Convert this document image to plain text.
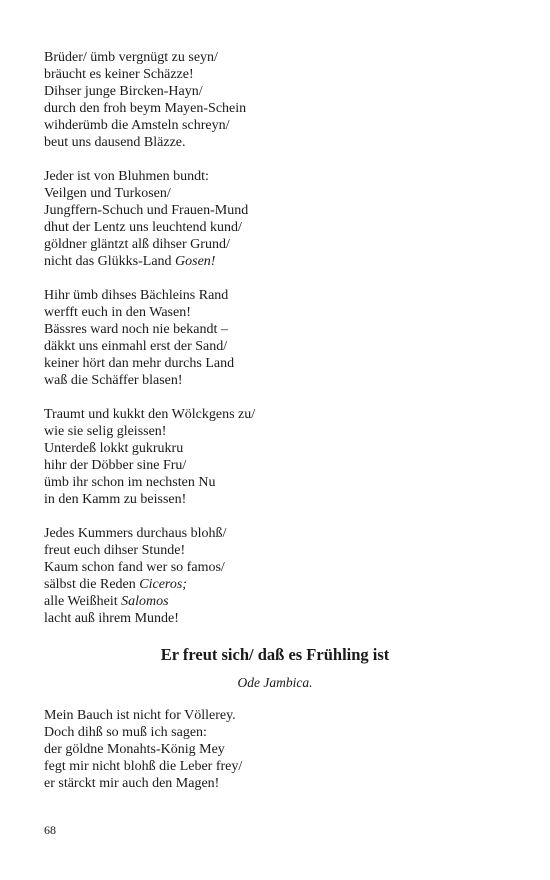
Brüder/ ümb vergnügt zu seyn/
bräucht es keiner Schäzze!
Dihser junge Bircken-Hayn/
durch den froh beym Mayen-Schein
wihderümb die Amsteln schreyn/
beut uns dausend Bläzze.
Jeder ist von Bluhmen bundt:
Veilgen und Turkosen/
Jungffern-Schuch und Frauen-Mund
dhut der Lentz uns leuchtend kund/
göldner gläntzt alß dihser Grund/
nicht das Glükks-Land Gosen!
Hihr ümb dihses Bächleins Rand
werfft euch in den Wasen!
Bässres ward noch nie bekandt –
däkkt uns einmahl erst der Sand/
keiner hört dan mehr durchs Land
waß die Schäffer blasen!
Traumt und kukkt den Wölckgens zu/
wie sie selig gleissen!
Unterdeß lokkt gukrukru
hihr der Döbber sine Fru/
ümb ihr schon im nechsten Nu
in den Kamm zu beissen!
Jedes Kummers durchaus blohß/
freut euch dihser Stunde!
Kaum schon fand wer so famos/
sälbst die Reden Ciceros;
alle Weißheit Salomos
lacht auß ihrem Munde!
Er freut sich/ daß es Frühling ist
Ode Jambica.
Mein Bauch ist nicht for Völlerey.
Doch dihß so muß ich sagen:
der göldne Monahts-König Mey
fegt mir nicht blohß die Leber frey/
er stärckt mir auch den Magen!
68
